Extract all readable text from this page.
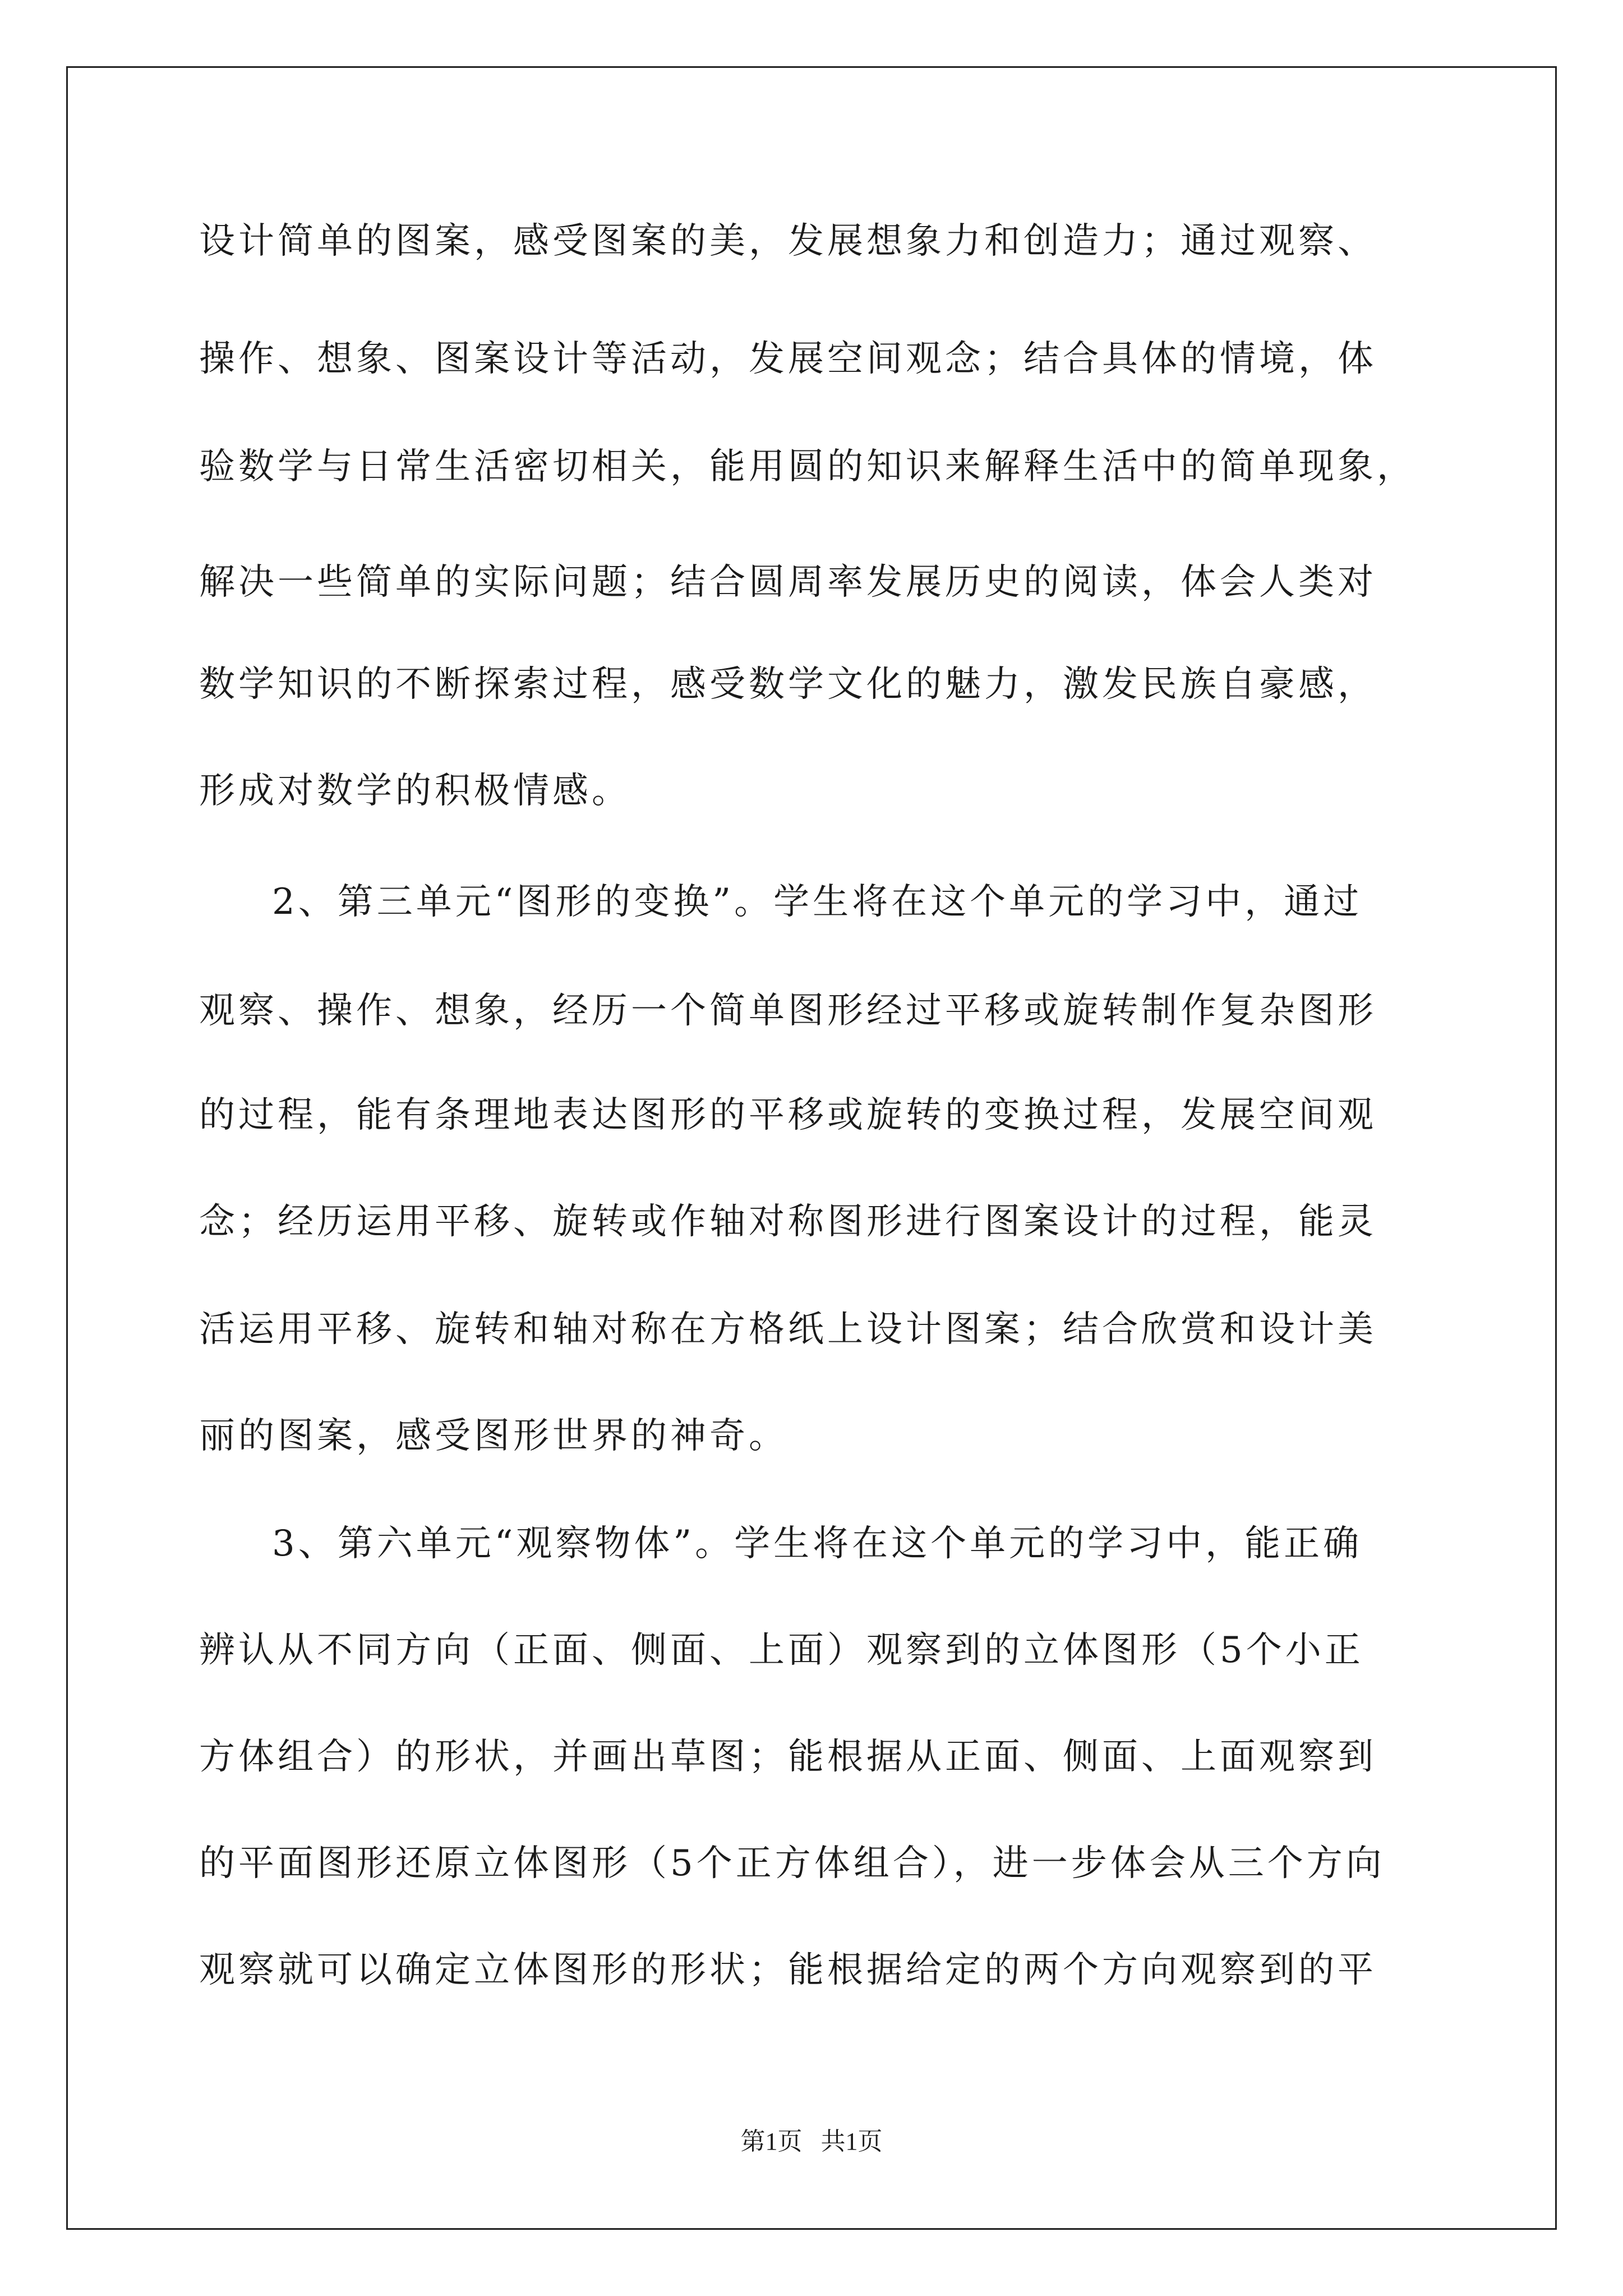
设计简单的图案，感受图案的美，发展想象力和创造力；通过观察、
操作、想象、图案设计等活动，发展空间观念；结合具体的情境，体
验数学与日常生活密切相关，能用圆的知识来解释生活中的简单现象，
解决一些简单的实际问题；结合圆周率发展历史的阅读，体会人类对
数学知识的不断探索过程，感受数学文化的魅力，激发民族自豪感，
形成对数学的积极情感。
2、第三单元“图形的变换”。学生将在这个单元的学习中，通过
观察、操作、想象，经历一个简单图形经过平移或旋转制作复杂图形
的过程，能有条理地表达图形的平移或旋转的变换过程，发展空间观
念；经历运用平移、旋转或作轴对称图形进行图案设计的过程，能灵
活运用平移、旋转和轴对称在方格纸上设计图案；结合欣赏和设计美
丽的图案，感受图形世界的神奇。
3、第六单元“观察物体”。学生将在这个单元的学习中，能正确
辨认从不同方向（正面、侧面、上面）观察到的立体图形（5个小正
方体组合）的形状，并画出草图；能根据从正面、侧面、上面观察到
的平面图形还原立体图形（5个正方体组合），进一步体会从三个方向
观察就可以确定立体图形的形状；能根据给定的两个方向观察到的平
第1页   共1页
